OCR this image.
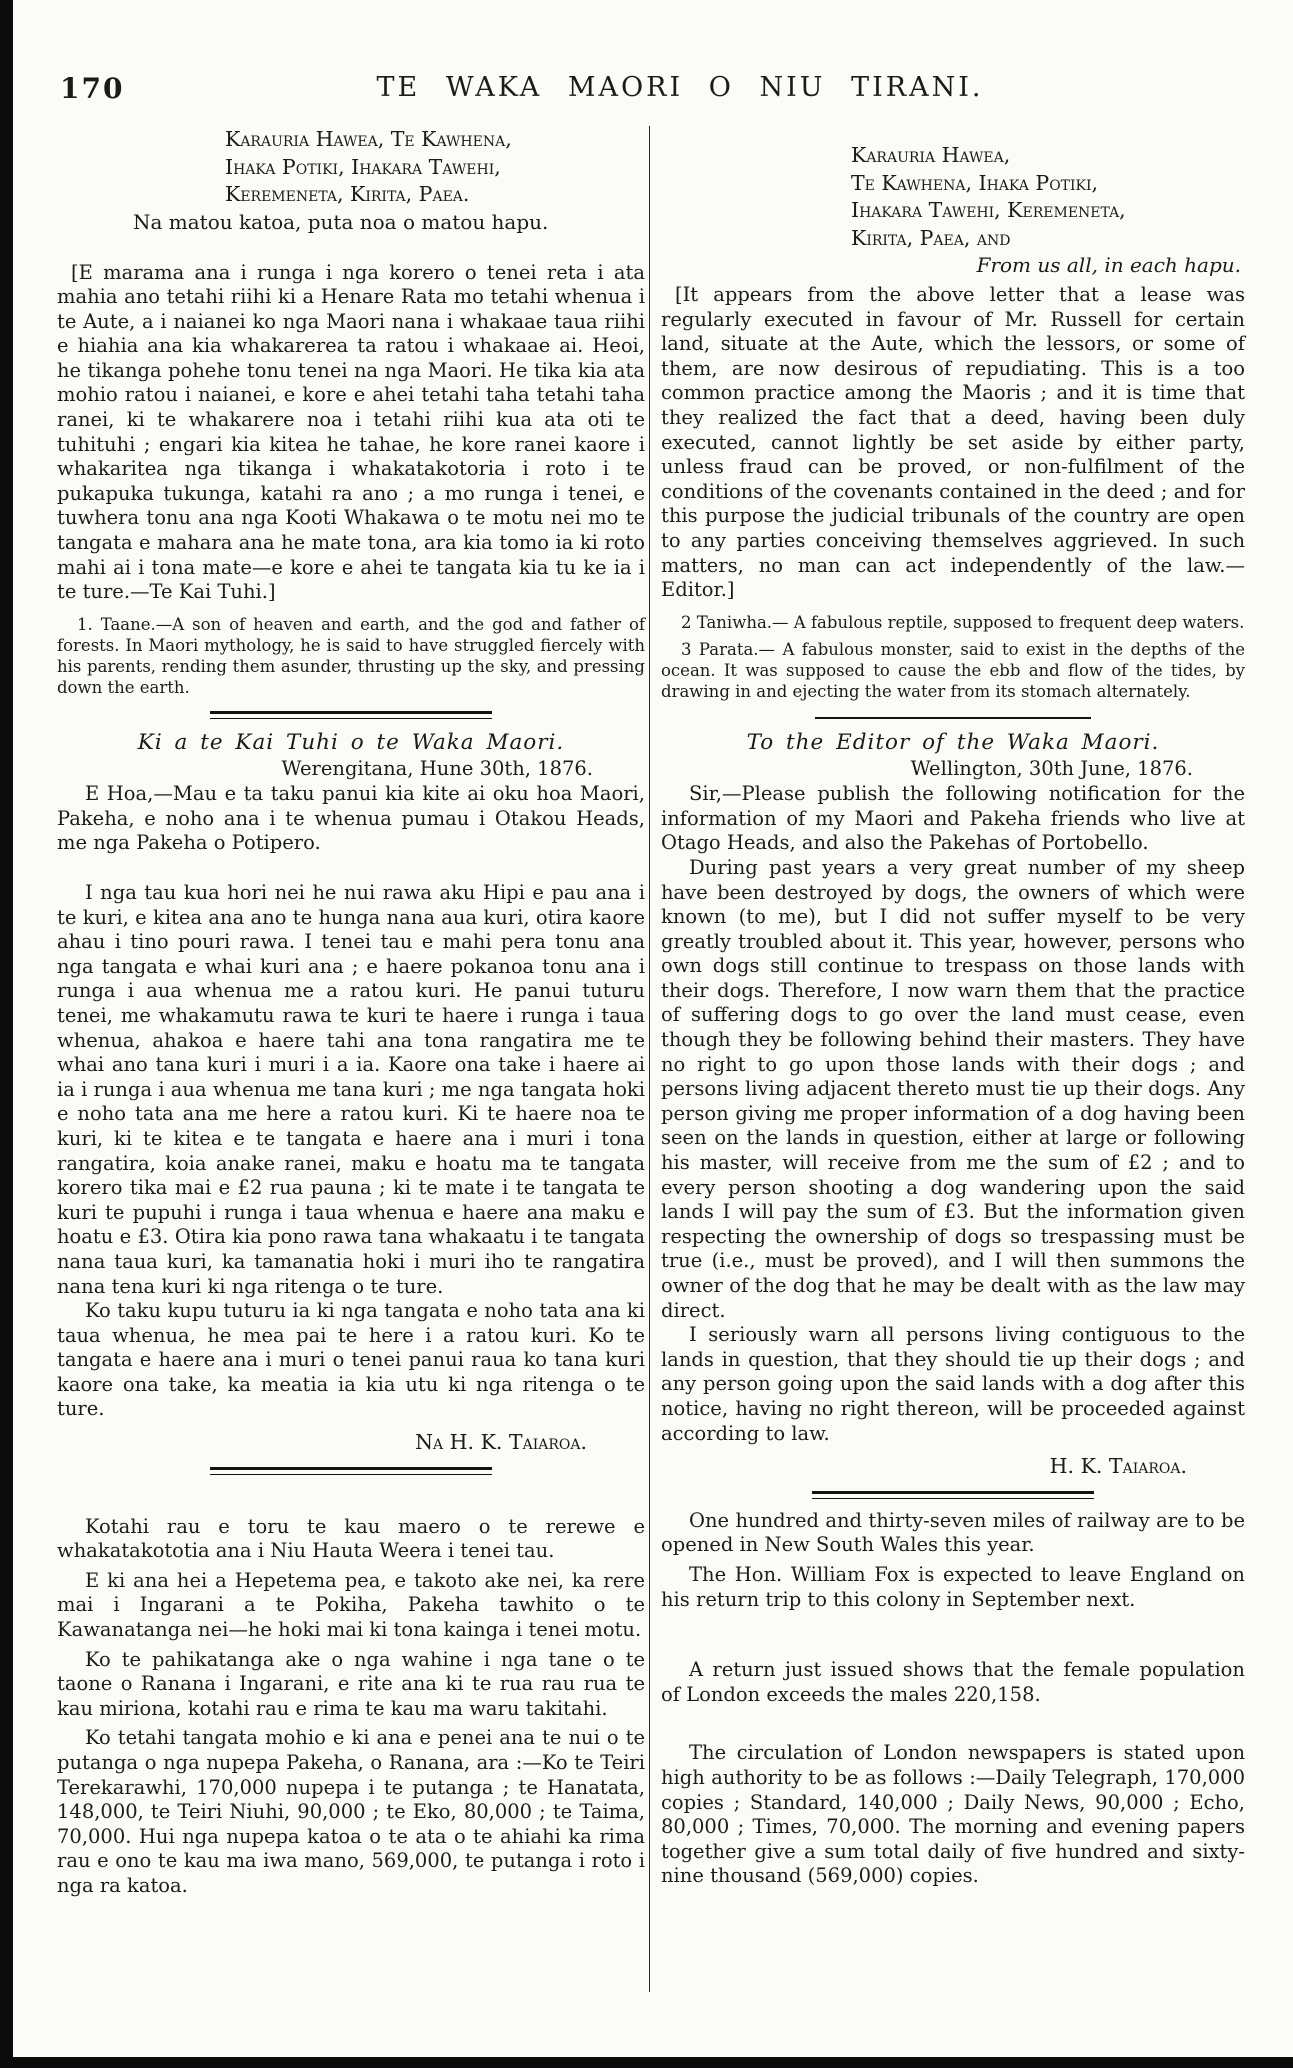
170	TE WAKA MAORI O NIU TIRANI.
Karauria Hawea, Te Kawhena,
Ihaka Potiki, Ihakara Tawehi,
Keremeneta, Kirita, Paea.
Na matou katoa, puta noa o matou hapu.

[E marama ana i runga i nga korero o tenei reta i ata mahia ano tetahi riihi ki a Henare Rata mo tetahi whenua i te Aute, a i naianei ko nga Maori nana i whakaae taua riihi e hiahia ana kia whakarerea ta ratou i whakaae ai. Heoi, he tikanga pohehe tonu tenei na nga Maori. He tika kia ata mohio ratou i naianei, e kore e ahei tetahi taha tetahi taha ranei, ki te whakarere noa i tetahi riihi kua ata oti te tuhituhi ; engari kia kitea he tahae, he kore ranei kaore i whakaritea nga tikanga i whakatakotoria i roto i te pukapuka tukunga, katahi ra ano ; a mo runga i tenei, e tuwhera tonu ana nga Kooti Whakawa o te motu nei mo te tangata e mahara ana he mate tona, ara kia tomo ia ki roto mahi ai i tona mate—e kore e ahei te tangata kia tu ke ia i te ture.—Te Kai Tuhi.]

1. Taane.—A son of heaven and earth, and the god and father of forests. In Maori mythology, he is said to have struggled fiercely with his parents, rending them asunder, thrusting up the sky, and pressing down the earth.

Ki a te Kai Tuhi o te Waka Maori.
Werengitana, Hune 30th, 1876.

E Hoa,—Mau e ta taku panui kia kite ai oku hoa Maori, Pakeha, e noho ana i te whenua pumau i Otakou Heads, me nga Pakeha o Potipero.

I nga tau kua hori nei he nui rawa aku Hipi e pau ana i te kuri, e kitea ana ano te hunga nana aua kuri, otira kaore ahau i tino pouri rawa. I tenei tau e mahi pera tonu ana nga tangata e whai kuri ana ; e haere pokanoa tonu ana i runga i aua whenua me a ratou kuri. He panui tuturu tenei, me whakamutu rawa te kuri te haere i runga i taua whenua, ahakoa e haere tahi ana tona rangatira me te whai ano tana kuri i muri i a ia. Kaore ona take i haere ai ia i runga i aua whenua me tana kuri ; me nga tangata hoki e noho tata ana me here a ratou kuri. Ki te haere noa te kuri, ki te kitea e te tangata e haere ana i muri i tona rangatira, koia anake ranei, maku e hoatu ma te tangata korero tika mai e £2 rua pauna ; ki te mate i te tangata te kuri te pupuhi i runga i taua whenua e haere ana maku e hoatu e £3. Otira kia pono rawa tana whakaatu i te tangata nana taua kuri, ka tamanatia hoki i muri iho te rangatira nana tena kuri ki nga ritenga o te ture.

Ko taku kupu tuturu ia ki nga tangata e noho tata ana ki taua whenua, he mea pai te here i a ratou kuri. Ko te tangata e haere ana i muri o tenei panui raua ko tana kuri kaore ona take, ka meatia ia kia utu ki nga ritenga o te ture.

Na H. K. Taiaroa.

Kotahi rau e toru te kau maero o te rerewe e whakatakototia ana i Niu Hauta Weera i tenei tau.

E ki ana hei a Hepetema pea, e takoto ake nei, ka rere mai i Ingarani a te Pokiha, Pakeha tawhito o te Kawanatanga nei—he hoki mai ki tona kainga i tenei motu.

Ko te pahikatanga ake o nga wahine i nga tane o te taone o Ranana i Ingarani, e rite ana ki te rua rau rua te kau miriona, kotahi rau e rima te kau ma waru takitahi.

Ko tetahi tangata mohio e ki ana e penei ana te nui o te putanga o nga nupepa Pakeha, o Ranana, ara :—Ko te Teiri Terekarawhi, 170,000 nupepa i te putanga ; te Hanatata, 148,000, te Teiri Niuhi, 90,000 ; te Eko, 80,000 ; te Taima, 70,000. Hui nga nupepa katoa o te ata o te ahiahi ka rima rau e ono te kau ma iwa mano, 569,000, te putanga i roto i nga ra katoa.

Karauria Hawea,
Te Kawhena, Ihaka Potiki,
Ihakara Tawehi, Keremeneta,
Kirita, Paea, and
From us all, in each hapu.

[It appears from the above letter that a lease was regularly executed in favour of Mr. Russell for certain land, situate at the Aute, which the lessors, or some of them, are now desirous of repudiating. This is a too common practice among the Maoris ; and it is time that they realized the fact that a deed, having been duly executed, cannot lightly be set aside by either party, unless fraud can be proved, or non-fulfilment of the conditions of the covenants contained in the deed ; and for this purpose the judicial tribunals of the country are open to any parties conceiving themselves aggrieved. In such matters, no man can act independently of the law.—Editor.]

2 Taniwha.— A fabulous reptile, supposed to frequent deep waters.

3 Parata.— A fabulous monster, said to exist in the depths of the ocean. It was supposed to cause the ebb and flow of the tides, by drawing in and ejecting the water from its stomach alternately.

To the Editor of the Waka Maori.
Wellington, 30th June, 1876.

Sir,—Please publish the following notification for the information of my Maori and Pakeha friends who live at Otago Heads, and also the Pakehas of Portobello.

During past years a very great number of my sheep have been destroyed by dogs, the owners of which were known (to me), but I did not suffer myself to be very greatly troubled about it. This year, however, persons who own dogs still continue to trespass on those lands with their dogs. Therefore, I now warn them that the practice of suffering dogs to go over the land must cease, even though they be following behind their masters. They have no right to go upon those lands with their dogs ; and persons living adjacent thereto must tie up their dogs. Any person giving me proper information of a dog having been seen on the lands in question, either at large or following his master, will receive from me the sum of £2 ; and to every person shooting a dog wandering upon the said lands I will pay the sum of £3. But the information given respecting the ownership of dogs so trespassing must be true (i.e., must be proved), and I will then summons the owner of the dog that he may be dealt with as the law may direct.

I seriously warn all persons living contiguous to the lands in question, that they should tie up their dogs ; and any person going upon the said lands with a dog after this notice, having no right thereon, will be proceeded against according to law.

H. K. Taiaroa.

One hundred and thirty-seven miles of railway are to be opened in New South Wales this year.

The Hon. William Fox is expected to leave England on his return trip to this colony in September next.

A return just issued shows that the female population of London exceeds the males 220,158.

The circulation of London newspapers is stated upon high authority to be as follows :—Daily Telegraph, 170,000 copies ; Standard, 140,000 ; Daily News, 90,000 ; Echo, 80,000 ; Times, 70,000. The morning and evening papers together give a sum total daily of five hundred and sixty-nine thousand (569,000) copies.
